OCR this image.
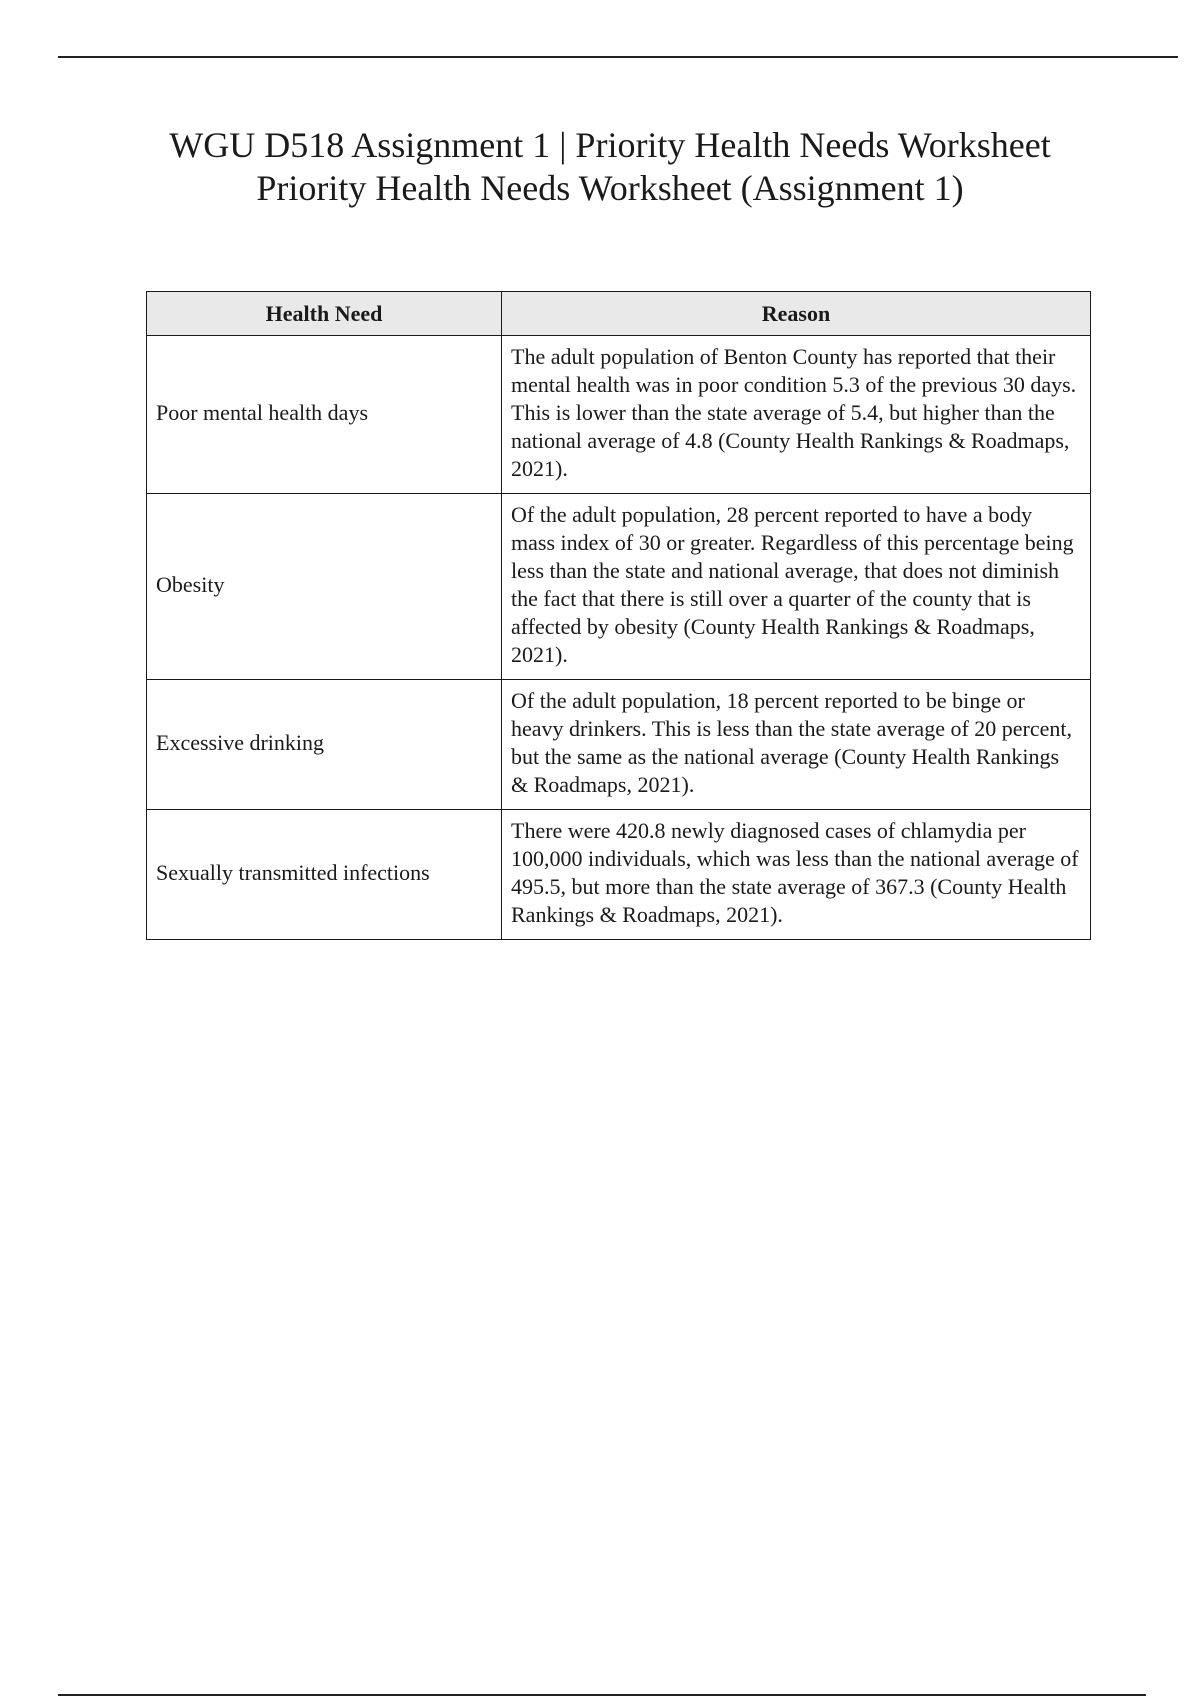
WGU D518 Assignment 1 | Priority Health Needs Worksheet
Priority Health Needs Worksheet (Assignment 1)
Health Need	Reason
Poor mental health days	The adult population of Benton County has reported that their mental health was in poor condition 5.3 of the previous 30 days. This is lower than the state average of 5.4, but higher than the national average of 4.8 (County Health Rankings & Roadmaps, 2021).
Obesity	Of the adult population, 28 percent reported to have a body mass index of 30 or greater. Regardless of this percentage being less than the state and national average, that does not diminish the fact that there is still over a quarter of the county that is affected by obesity (County Health Rankings & Roadmaps, 2021).
Excessive drinking	Of the adult population, 18 percent reported to be binge or heavy drinkers. This is less than the state average of 20 percent, but the same as the national average (County Health Rankings & Roadmaps, 2021).
Sexually transmitted infections	There were 420.8 newly diagnosed cases of chlamydia per 100,000 individuals, which was less than the national average of 495.5, but more than the state average of 367.3 (County Health Rankings & Roadmaps, 2021).
